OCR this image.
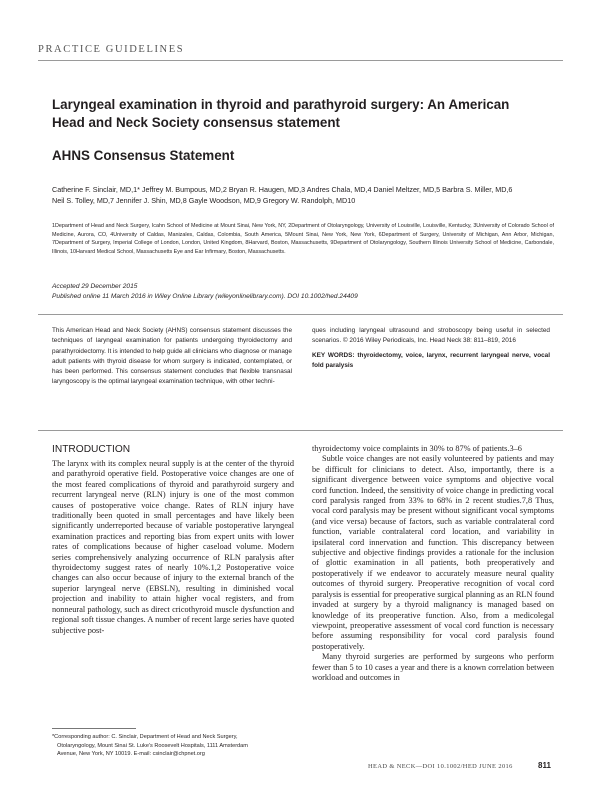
PRACTICE GUIDELINES
Laryngeal examination in thyroid and parathyroid surgery: An American Head and Neck Society consensus statement
AHNS Consensus Statement
Catherine F. Sinclair, MD,1* Jeffrey M. Bumpous, MD,2 Bryan R. Haugen, MD,3 Andres Chala, MD,4 Daniel Meltzer, MD,5 Barbra S. Miller, MD,6
Neil S. Tolley, MD,7 Jennifer J. Shin, MD,8 Gayle Woodson, MD,9 Gregory W. Randolph, MD10
1Department of Head and Neck Surgery, Icahn School of Medicine at Mount Sinai, New York, NY, 2Department of Otolaryngology, University of Louisville, Louisville, Kentucky, 3University of Colorado School of Medicine, Aurora, CO, 4University of Caldas, Manizales, Caldas, Colombia, South America, 5Mount Sinai, New York, New York, 6Department of Surgery, University of Michigan, Ann Arbor, Michigan, 7Department of Surgery, Imperial College of London, London, United Kingdom, 8Harvard, Boston, Massachusetts, 9Department of Otolaryngology, Southern Illinois University School of Medicine, Carbondale, Illinois, 10Harvard Medical School, Massachusetts Eye and Ear Infirmary, Boston, Massachusetts.
Accepted 29 December 2015
Published online 11 March 2016 in Wiley Online Library (wileyonlinelibrary.com). DOI 10.1002/hed.24409
This American Head and Neck Society (AHNS) consensus statement discusses the techniques of laryngeal examination for patients undergoing thyroidectomy and parathyroidectomy. It is intended to help guide all clinicians who diagnose or manage adult patients with thyroid disease for whom surgery is indicated, contemplated, or has been performed. This consensus statement concludes that flexible transnasal laryngoscopy is the optimal laryngeal examination technique, with other techni-
ques including laryngeal ultrasound and stroboscopy being useful in selected scenarios. © 2016 Wiley Periodicals, Inc. Head Neck 38: 811–819, 2016
KEY WORDS: thyroidectomy, voice, larynx, recurrent laryngeal nerve, vocal fold paralysis
INTRODUCTION
The larynx with its complex neural supply is at the center of the thyroid and parathyroid operative field. Postoperative voice changes are one of the most feared complications of thyroid and parathyroid surgery and recurrent laryngeal nerve (RLN) injury is one of the most common causes of postoperative voice change. Rates of RLN injury have traditionally been quoted in small percentages and have likely been significantly underreported because of variable postoperative laryngeal examination practices and reporting bias from expert units with lower rates of complications because of higher caseload volume. Modern series comprehensively analyzing occurrence of RLN paralysis after thyroidectomy suggest rates of nearly 10%.1,2 Postoperative voice changes can also occur because of injury to the external branch of the superior laryngeal nerve (EBSLN), resulting in diminished vocal projection and inability to attain higher vocal registers, and from nonneural pathology, such as direct cricothyroid muscle dysfunction and regional soft tissue changes. A number of recent large series have quoted subjective post-

thyroidectomy voice complaints in 30% to 87% of patients.3–6

Subtle voice changes are not easily volunteered by patients and may be difficult for clinicians to detect. Also, importantly, there is a significant divergence between voice symptoms and objective vocal cord function. Indeed, the sensitivity of voice change in predicting vocal cord paralysis ranged from 33% to 68% in 2 recent studies.7,8 Thus, vocal cord paralysis may be present without significant vocal symptoms (and vice versa) because of factors, such as variable contralateral cord function, variable contralateral cord location, and variability in ipsilateral cord innervation and function. This discrepancy between subjective and objective findings provides a rationale for the inclusion of glottic examination in all patients, both preoperatively and postoperatively if we endeavor to accurately measure neural quality outcomes of thyroid surgery. Preoperative recognition of vocal cord paralysis is essential for preoperative surgical planning as an RLN found invaded at surgery by a thyroid malignancy is managed based on knowledge of its preoperative function. Also, from a medicolegal viewpoint, preoperative assessment of vocal cord function is necessary before assuming responsibility for vocal cord paralysis found postoperatively.

Many thyroid surgeries are performed by surgeons who perform fewer than 5 to 10 cases a year and there is a known correlation between workload and outcomes in

*Corresponding author: C. Sinclair, Department of Head and Neck Surgery,
Otolaryngology, Mount Sinai St. Luke's Roosevelt Hospitals, 1111 Amsterdam
Avenue, New York, NY 10019. E-mail: csinclair@chpnet.org
HEAD & NECK—DOI 10.1002/HED JUNE 2016	811
